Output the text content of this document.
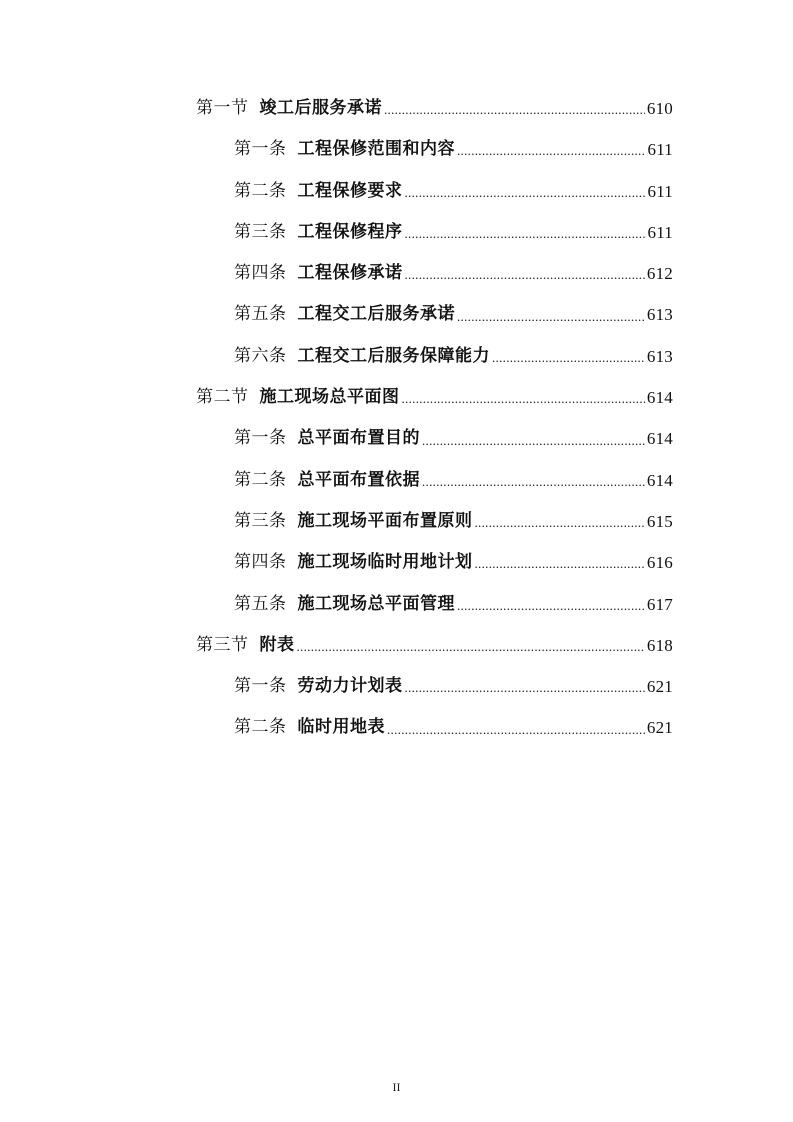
第一节 竣工后服务承诺 .....	610
第一条 工程保修范围和内容 .....	611
第二条 工程保修要求 .....	611
第三条 工程保修程序 .....	611
第四条 工程保修承诺 .....	612
第五条 工程交工后服务承诺 .....	613
第六条 工程交工后服务保障能力 .....	613
第二节 施工现场总平面图 .....	614
第一条 总平面布置目的 .....	614
第二条 总平面布置依据 .....	614
第三条 施工现场平面布置原则 .....	615
第四条 施工现场临时用地计划 .....	616
第五条 施工现场总平面管理 .....	617
第三节 附表 .....	618
第一条 劳动力计划表 .....	621
第二条 临时用地表 .....	621
II
